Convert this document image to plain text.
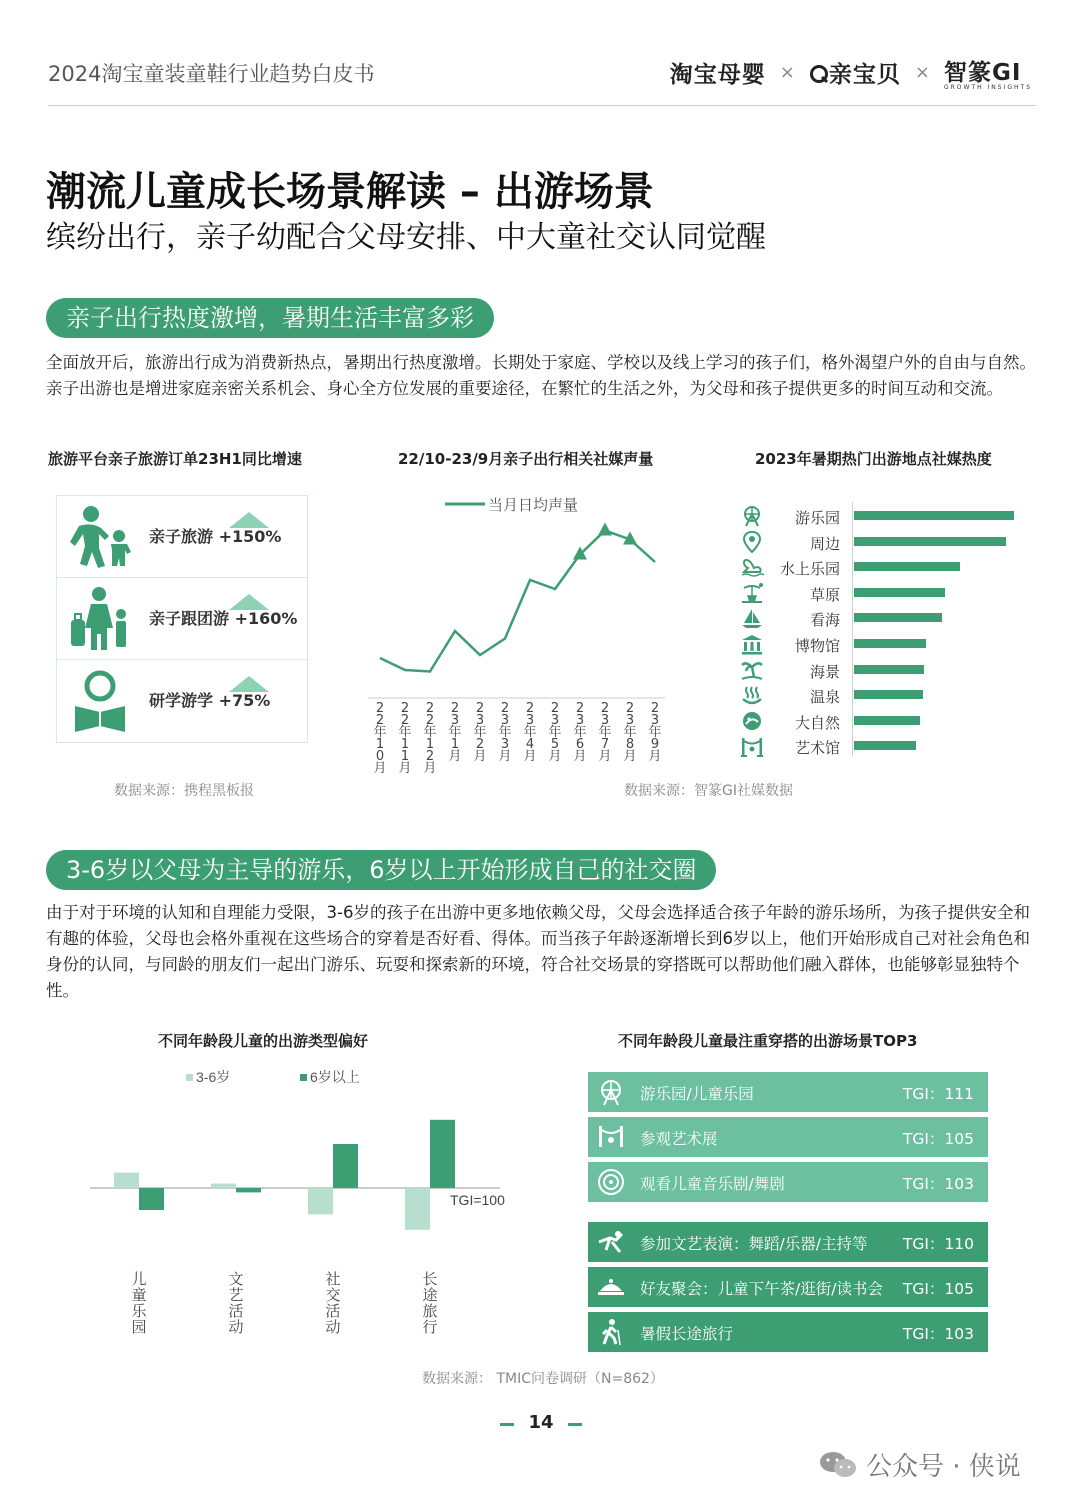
2024淘宝童装童鞋行业趋势白皮书	淘宝母婴 ×	亲宝贝 × 智篆GI
GROWTH INSIGHTS
潮流儿童成长场景解读 – 出游场景
缤纷出行，亲子幼配合父母安排、中大童社交认同觉醒
亲子出行热度激增，暑期生活丰富多彩
全面放开后，旅游出行成为消费新热点，暑期出行热度激增。长期处于家庭、学校以及线上学习的孩子们，格外渴望户外的自由与自然。亲子出游也是增进家庭亲密关系机会、身心全方位发展的重要途径，在繁忙的生活之外，为父母和孩子提供更多的时间互动和交流。
旅游平台亲子旅游订单23H1同比增速
亲子旅游 +150%
亲子跟团游 +160%
研学游学 +75%
数据来源：携程黑板报
22/10-23/9月亲子出行相关社媒声量
当月日均声量
2 2 年 1 0 月
2 2 年 1 1 月
2 2 年 1 2 月
2 3 年 1 月
2 3 年 2 月
2 3 年 3 月
2 3 年 4 月
2 3 年 5 月
2 3 年 6 月
2 3 年 7 月
2 3 年 8 月
2 3 年 9 月
数据来源：智篆GI社媒数据
2023年暑期热门出游地点社媒热度
游乐园
周边
水上乐园
草原
看海
博物馆
海景
温泉
大自然
艺术馆
3-6岁以父母为主导的游乐，6岁以上开始形成自己的社交圈
由于对于环境的认知和自理能力受限，3-6岁的孩子在出游中更多地依赖父母，父母会选择适合孩子年龄的游乐场所，为孩子提供安全和有趣的体验，父母也会格外重视在这些场合的穿着是否好看、得体。而当孩子年龄逐渐增长到6岁以上，他们开始形成自己对社会角色和身份的认同，与同龄的朋友们一起出门游乐、玩耍和探索新的环境，符合社交场景的穿搭既可以帮助他们融入群体，也能够彰显独特个性。
不同年龄段儿童的出游类型偏好
3-6岁	6岁以上
TGI=100
儿童乐园
文艺活动
社交活动
长途旅行
不同年龄段儿童最注重穿搭的出游场景TOP3
游乐园/儿童乐园	TGI：111
参观艺术展	TGI：105
观看儿童音乐剧/舞剧	TGI：103
参加文艺表演：舞蹈/乐器/主持等 TGI：110
好友聚会：儿童下午茶/逛街/读书会 TGI：105
暑假长途旅行	TGI：103
数据来源： TMIC问卷调研（N=862）
14
公众号 · 侠说
